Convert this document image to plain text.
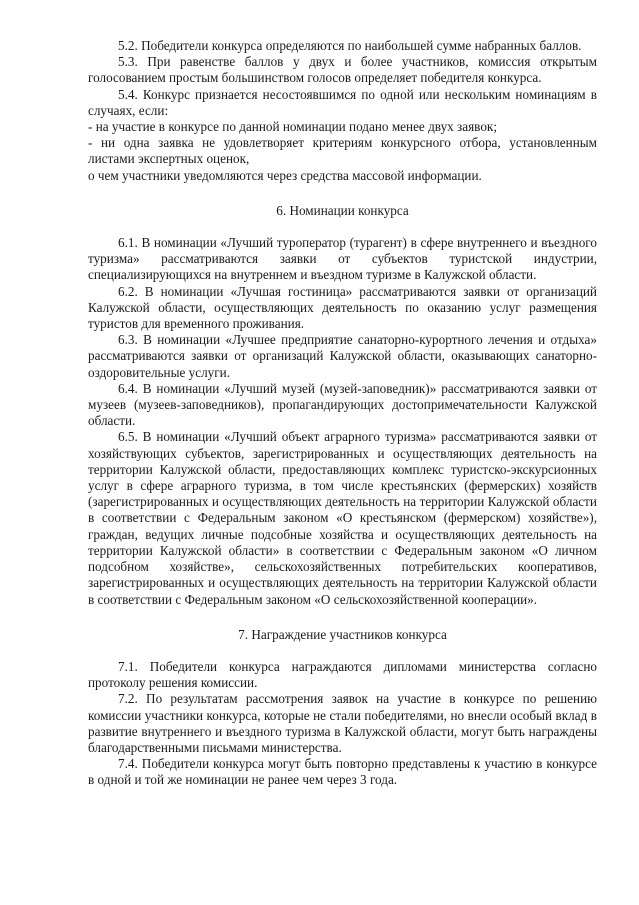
5.2. Победители конкурса определяются по наибольшей сумме набранных баллов.

5.3. При равенстве баллов у двух и более участников, комиссия открытым голосованием простым большинством голосов определяет победителя конкурса.

5.4. Конкурс признается несостоявшимся по одной или нескольким номинациям в случаях, если:

- на участие в конкурсе по данной номинации подано менее двух заявок;

- ни одна заявка не удовлетворяет критериям конкурсного отбора, установленным листами экспертных оценок,

о чем участники уведомляются через средства массовой информации.

6. Номинации конкурса

6.1. В номинации «Лучший туроператор (турагент) в сфере внутреннего и въездного туризма» рассматриваются заявки от субъектов туристской индустрии, специализирующихся на внутреннем и въездном туризме в Калужской области.

6.2. В номинации «Лучшая гостиница» рассматриваются заявки от организаций Калужской области, осуществляющих деятельность по оказанию услуг размещения туристов для временного проживания.

6.3. В номинации «Лучшее предприятие санаторно-курортного лечения и отдыха» рассматриваются заявки от организаций Калужской области, оказывающих санаторно-оздоровительные услуги.

6.4. В номинации «Лучший музей (музей-заповедник)» рассматриваются заявки от музеев (музеев-заповедников), пропагандирующих достопримечательности Калужской области.

6.5. В номинации «Лучший объект аграрного туризма» рассматриваются заявки от хозяйствующих субъектов, зарегистрированных и осуществляющих деятельность на территории Калужской области, предоставляющих комплекс туристско-экскурсионных услуг в сфере аграрного туризма, в том числе крестьянских (фермерских) хозяйств (зарегистрированных и осуществляющих деятельность на территории Калужской области в соответствии с Федеральным законом «О крестьянском (фермерском) хозяйстве»), граждан, ведущих личные подсобные хозяйства и осуществляющих деятельность на территории Калужской области» в соответствии с Федеральным законом «О личном подсобном хозяйстве», сельскохозяйственных потребительских кооперативов, зарегистрированных и осуществляющих деятельность на территории Калужской области в соответствии с Федеральным законом «О сельскохозяйственной кооперации».

7. Награждение участников конкурса

7.1. Победители конкурса награждаются дипломами министерства согласно протоколу решения комиссии.

7.2. По результатам рассмотрения заявок на участие в конкурсе по решению комиссии участники конкурса, которые не стали победителями, но внесли особый вклад в развитие внутреннего и въездного туризма в Калужской области, могут быть награждены благодарственными письмами министерства.

7.4. Победители конкурса могут быть повторно представлены к участию в конкурсе в одной и той же номинации не ранее чем через 3 года.
